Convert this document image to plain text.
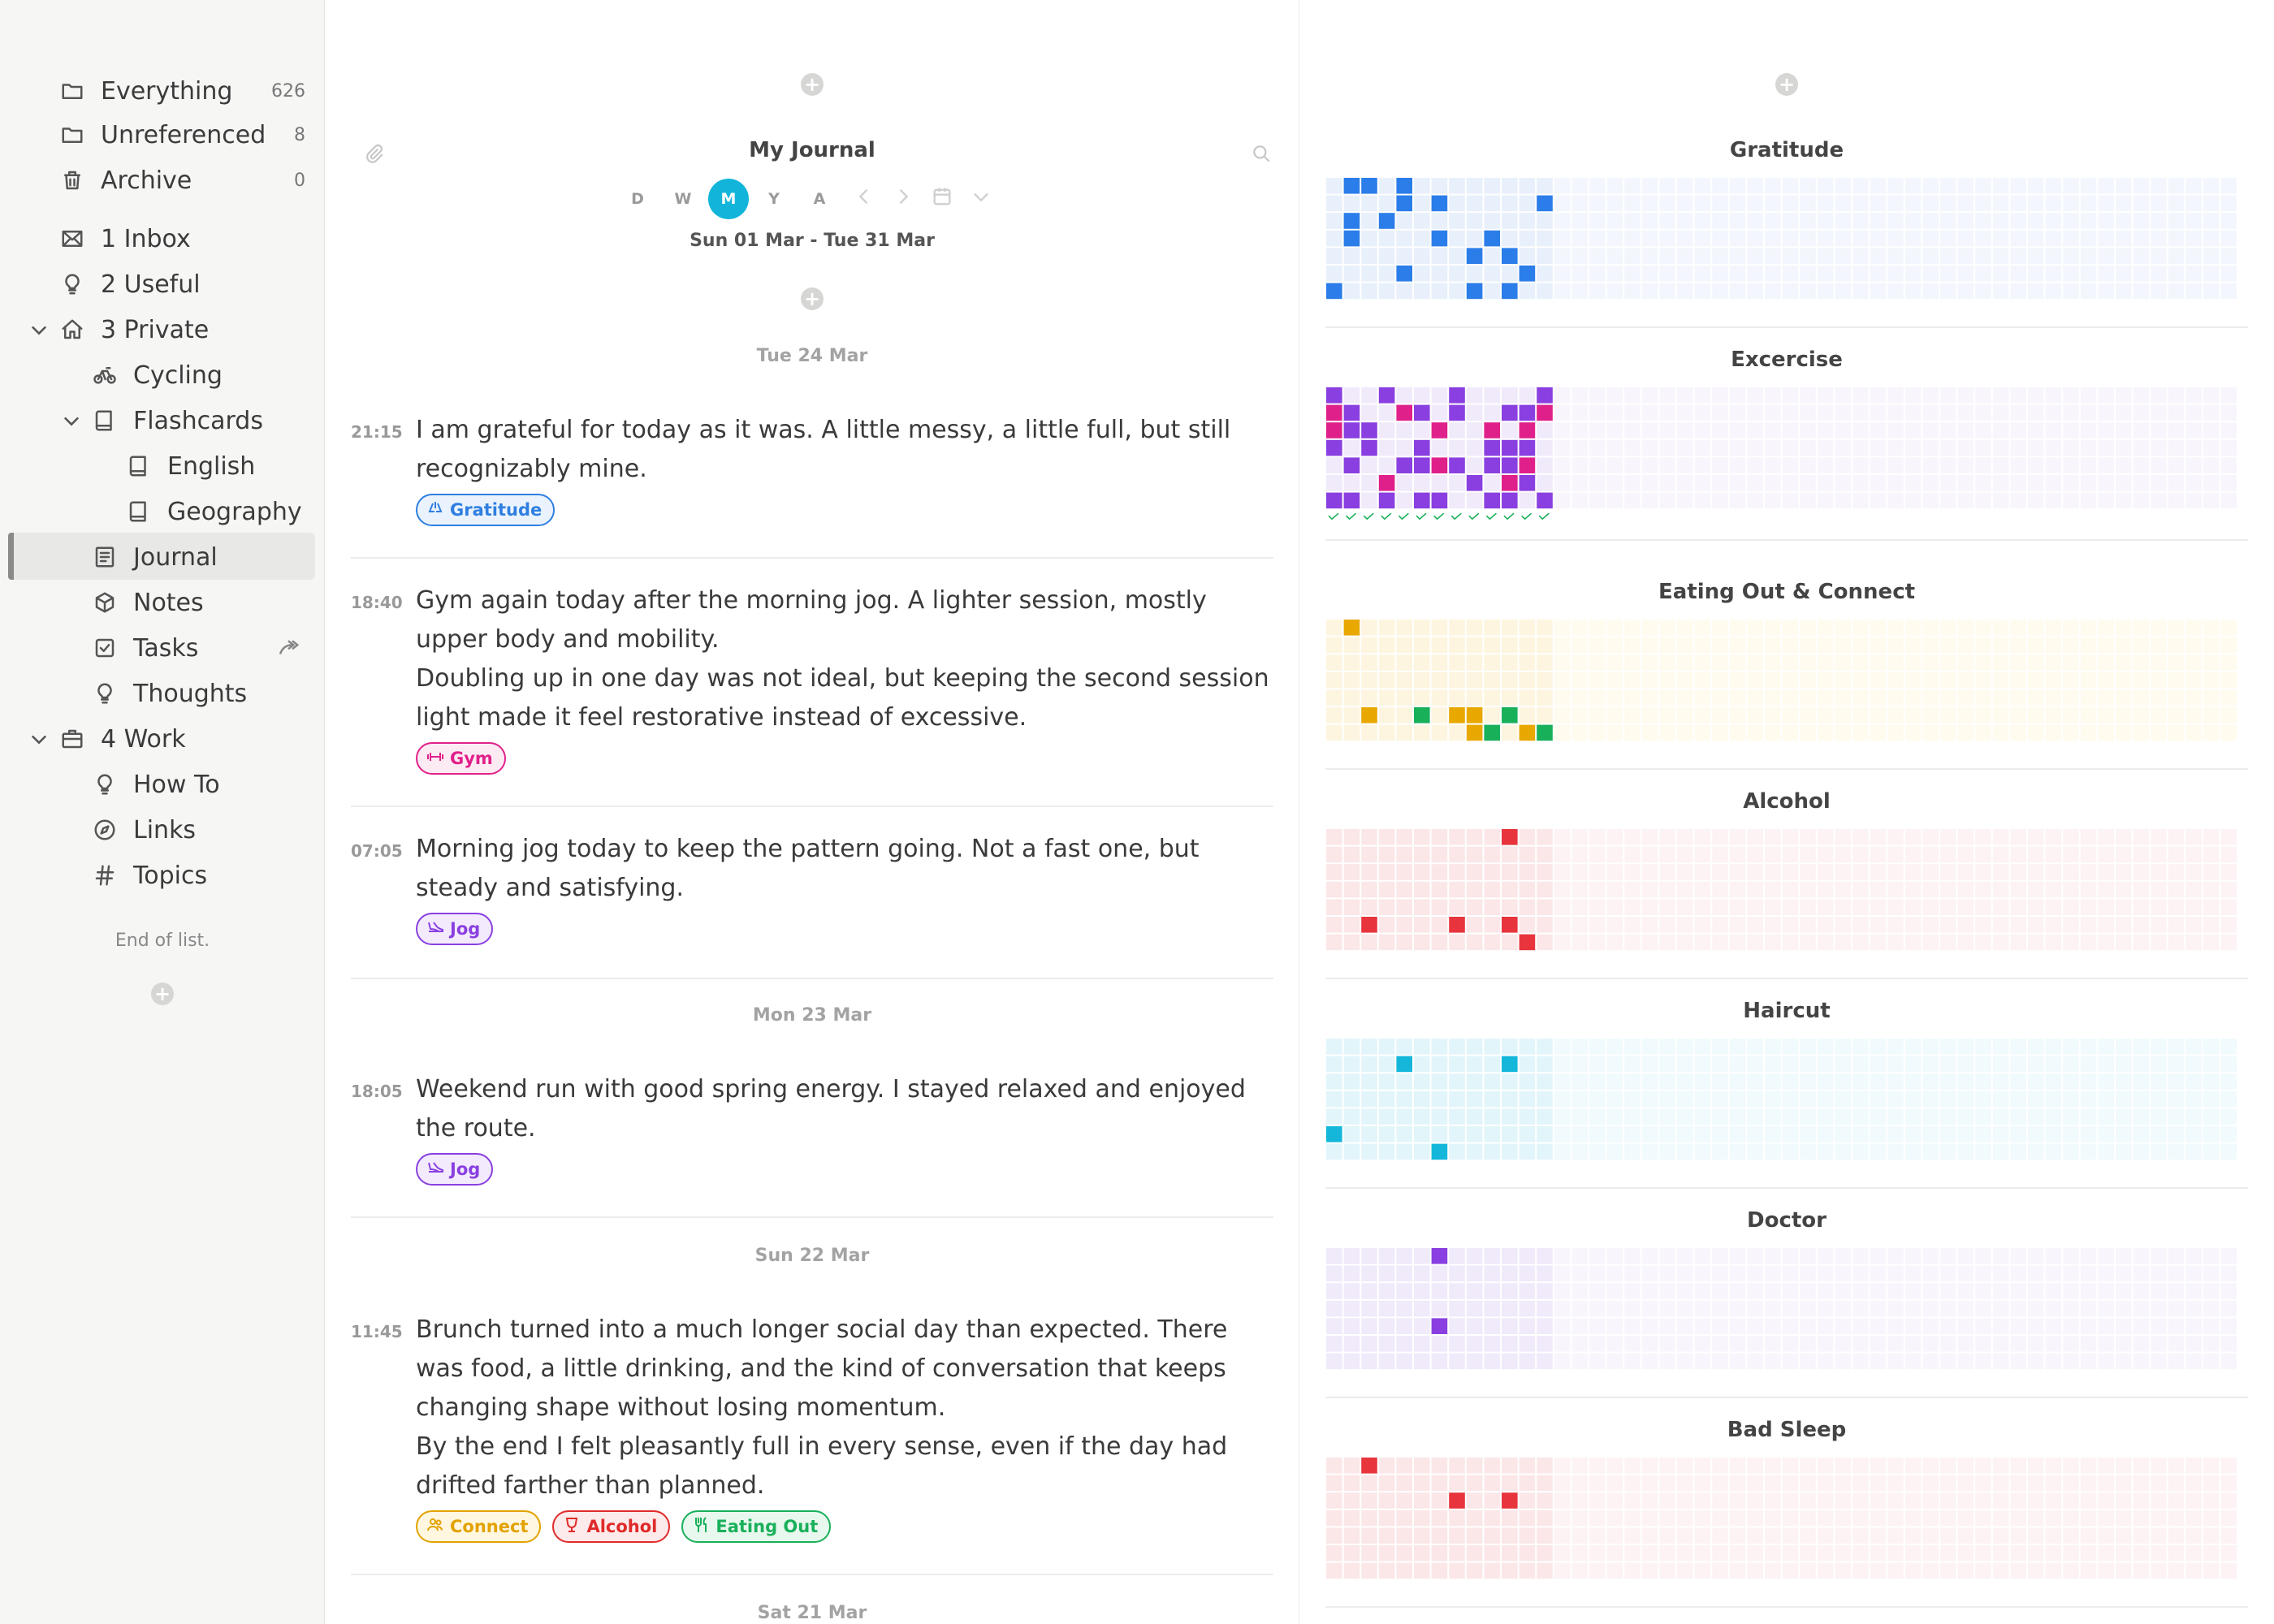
Everything 626
Unreferenced 8
Archive	0
1 Inbox
2 Useful
3 Private
Cycling
Flashcards
English
Geography
Journal
Notes
Tasks
Thoughts
4 Work
How To
Links
Topics
End of list.
+
+
My Journal
D	W	M	Y	A
Sun 01 Mar - Tue 31 Mar
+
Tue 24 Mar
21:15 I am grateful for today as it was. A little messy, a little full, but still recognizably mine.

Gratitude
18:40 Gym again today after the morning jog. A lighter session, mostly upper body and mobility.

Doubling up in one day was not ideal, but keeping the second session light made it feel restorative instead of excessive.

Gym
07:05 Morning jog today to keep the pattern going. Not a fast one, but steady and satisfying.

Jog
Mon 23 Mar
18:05 Weekend run with good spring energy. I stayed relaxed and enjoyed the route.

Jog
Sun 22 Mar
11:45 Brunch turned into a much longer social day than expected. There was food, a little drinking, and the kind of conversation that keeps changing shape without losing momentum.

By the end I felt pleasantly full in every sense, even if the day had drifted farther than planned.

Connect	Alcohol	Eating Out
Sat 21 Mar
+
Gratitude
Excercise
Eating Out & Connect
Alcohol
Haircut
Doctor
Bad Sleep
